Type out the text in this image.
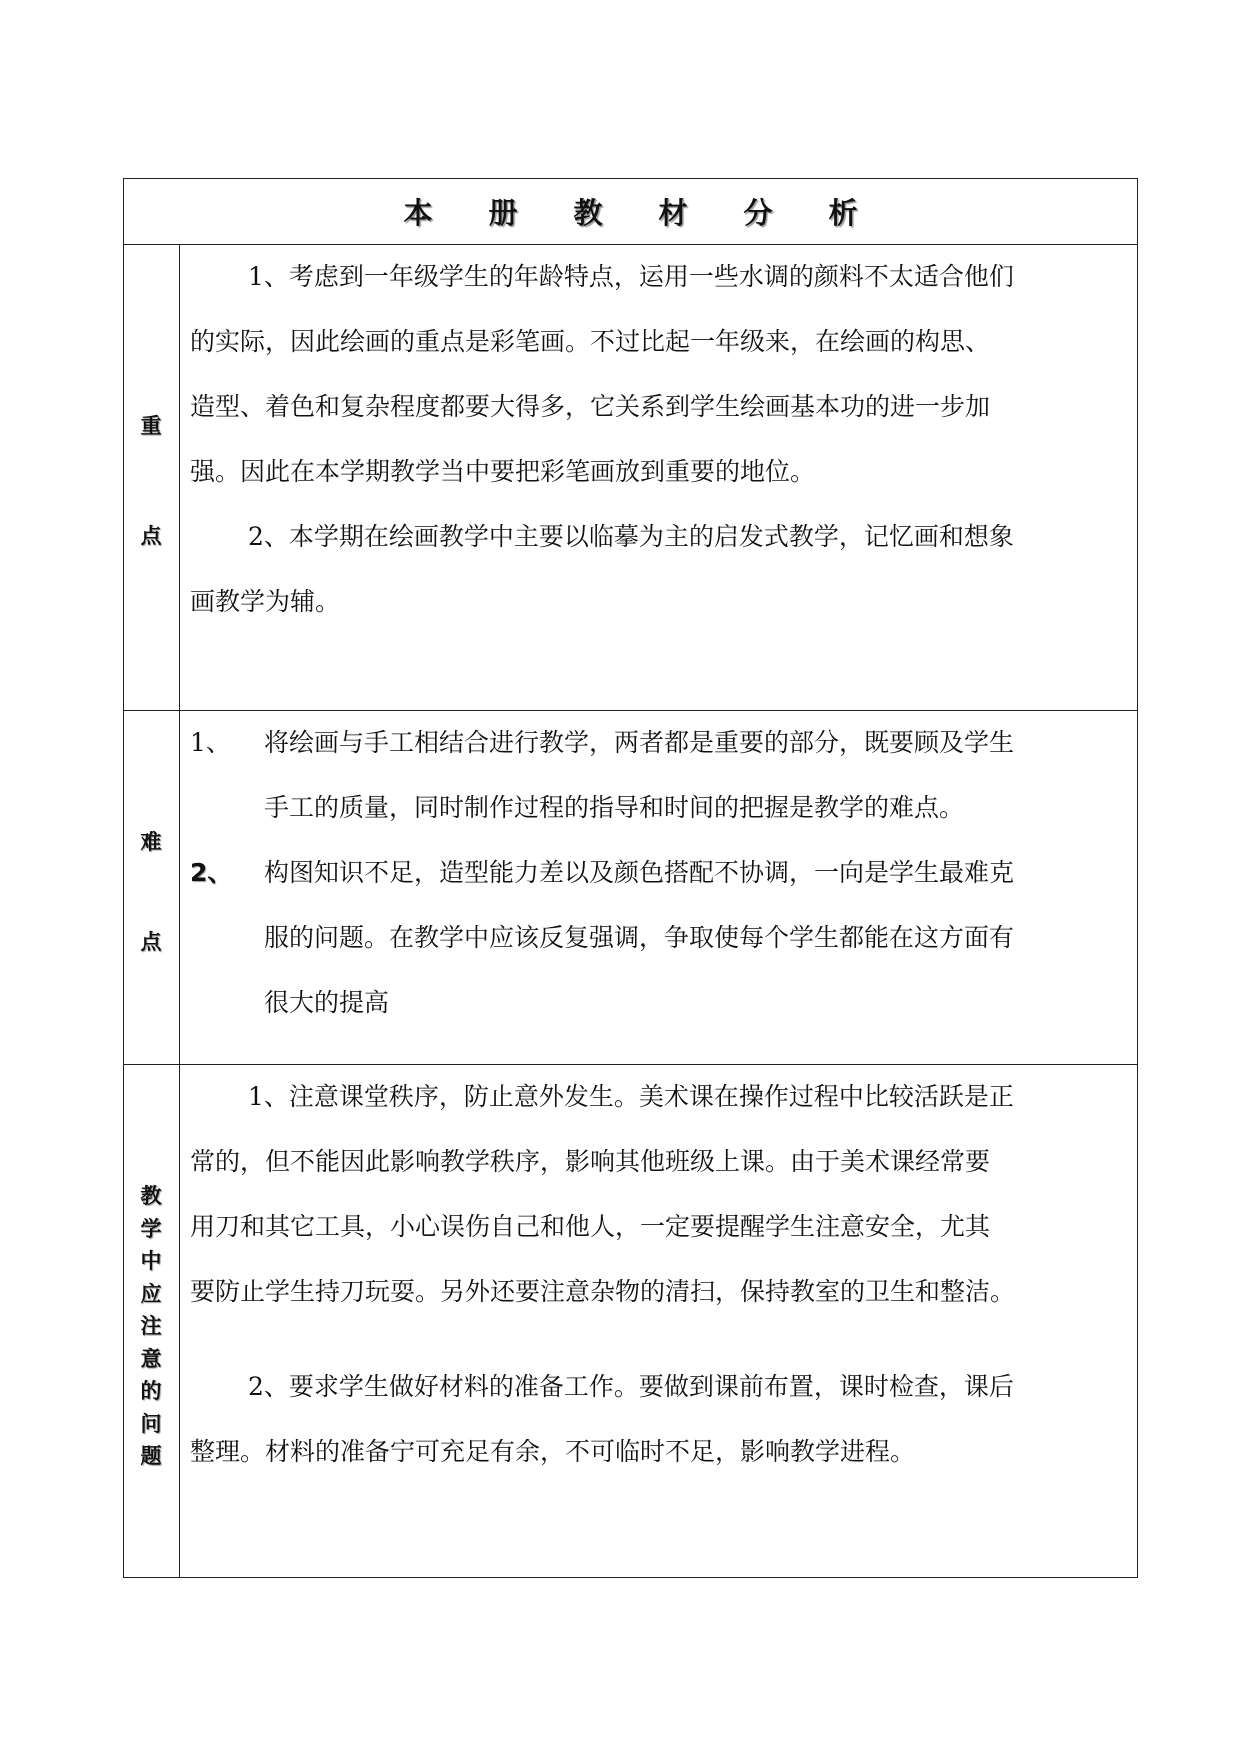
本 册 教 材 分 析
重
点

1、考虑到一年级学生的年龄特点，运用一些水调的颜料不太适合他们

的实际，因此绘画的重点是彩笔画。不过比起一年级来，在绘画的构思、

造型、着色和复杂程度都要大得多，它关系到学生绘画基本功的进一步加

强。因此在本学期教学当中要把彩笔画放到重要的地位。

2、本学期在绘画教学中主要以临摹为主的启发式教学，记忆画和想象

画教学为辅。

难
点

1、 将绘画与手工相结合进行教学，两者都是重要的部分，既要顾及学生

手工的质量，同时制作过程的指导和时间的把握是教学的难点。

2、 构图知识不足，造型能力差以及颜色搭配不协调，一向是学生最难克

服的问题。在教学中应该反复强调，争取使每个学生都能在这方面有

很大的提高

教
学
中
应
注
意
的
问
题

1、注意课堂秩序，防止意外发生。美术课在操作过程中比较活跃是正

常的，但不能因此影响教学秩序，影响其他班级上课。由于美术课经常要

用刀和其它工具，小心误伤自己和他人，一定要提醒学生注意安全，尤其

要防止学生持刀玩耍。另外还要注意杂物的清扫，保持教室的卫生和整洁。

2、要求学生做好材料的准备工作。要做到课前布置，课时检查，课后

整理。材料的准备宁可充足有余，不可临时不足，影响教学进程。
